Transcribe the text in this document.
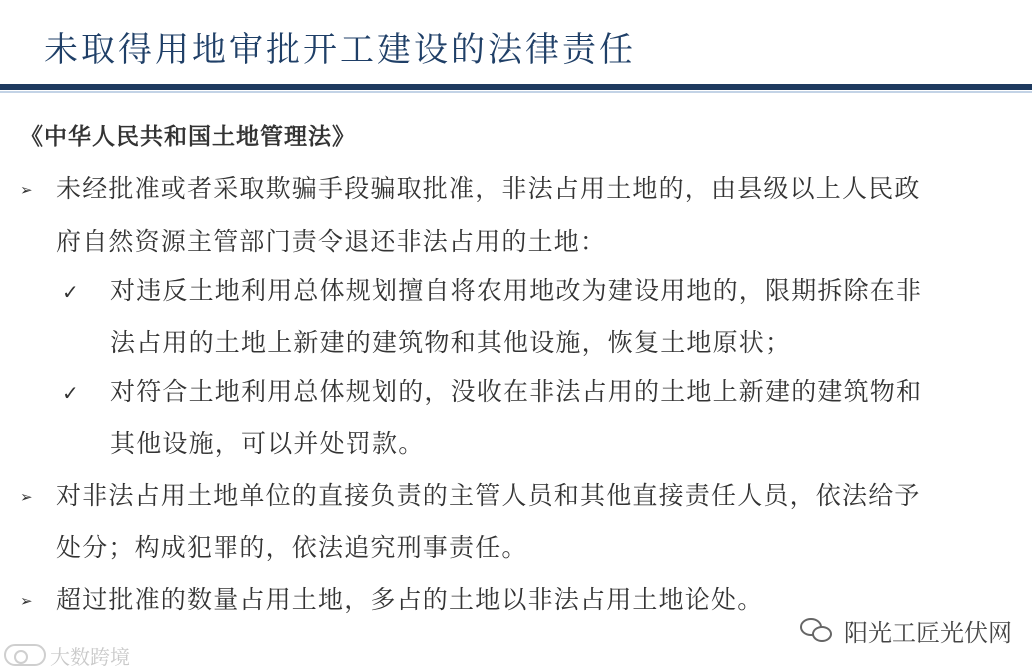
未取得用地审批开工建设的法律责任
《中华人民共和国土地管理法》
➢ 未经批准或者采取欺骗手段骗取批准，非法占用土地的，由县级以上人民政
府自然资源主管部门责令退还非法占用的土地：
✓ 对违反土地利用总体规划擅自将农用地改为建设用地的，限期拆除在非
法占用的土地上新建的建筑物和其他设施，恢复土地原状；
✓ 对符合土地利用总体规划的，没收在非法占用的土地上新建的建筑物和
其他设施，可以并处罚款。
➢ 对非法占用土地单位的直接负责的主管人员和其他直接责任人员，依法给予
处分；构成犯罪的，依法追究刑事责任。
➢ 超过批准的数量占用土地，多占的土地以非法占用土地论处。
大数跨境
阳光工匠光伏网
